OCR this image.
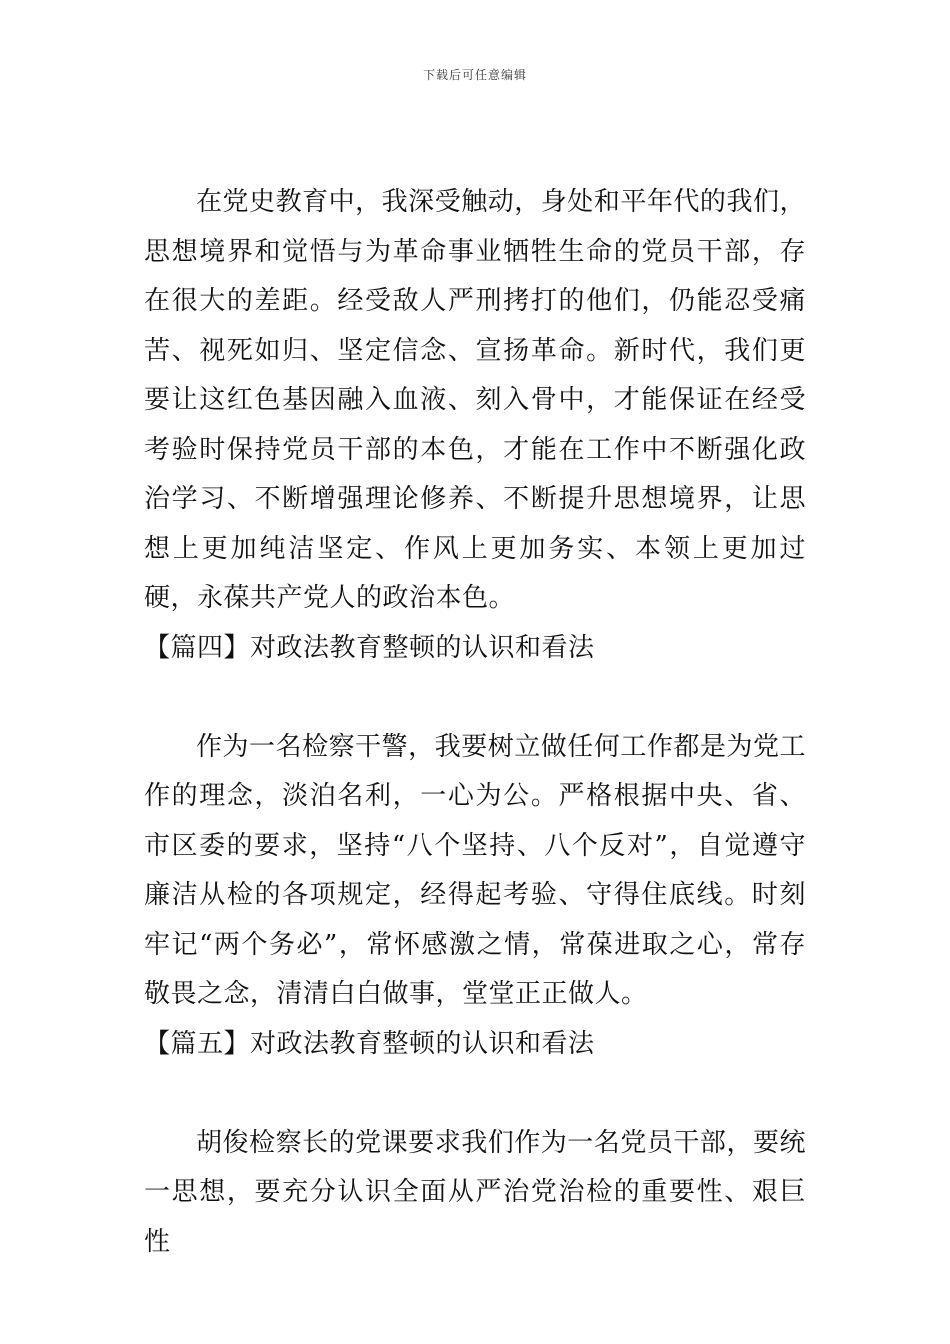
下载后可任意编辑

在党史教育中，我深受触动，身处和平年代的我们，思想境界和觉悟与为革命事业牺牲生命的党员干部，存在很大的差距。经受敌人严刑拷打的他们，仍能忍受痛苦、视死如归、坚定信念、宣扬革命。新时代，我们更要让这红色基因融入血液、刻入骨中，才能保证在经受考验时保持党员干部的本色，才能在工作中不断强化政治学习、不断增强理论修养、不断提升思想境界，让思想上更加纯洁坚定、作风上更加务实、本领上更加过硬，永葆共产党人的政治本色。

【篇四】对政法教育整顿的认识和看法

作为一名检察干警，我要树立做任何工作都是为党工作的理念，淡泊名利，一心为公。严格根据中央、省、市区委的要求，坚持“八个坚持、八个反对”，自觉遵守廉洁从检的各项规定，经得起考验、守得住底线。时刻牢记“两个务必”，常怀感激之情，常葆进取之心，常存敬畏之念，清清白白做事，堂堂正正做人。

【篇五】对政法教育整顿的认识和看法

胡俊检察长的党课要求我们作为一名党员干部，要统一思想，要充分认识全面从严治党治检的重要性、艰巨性
